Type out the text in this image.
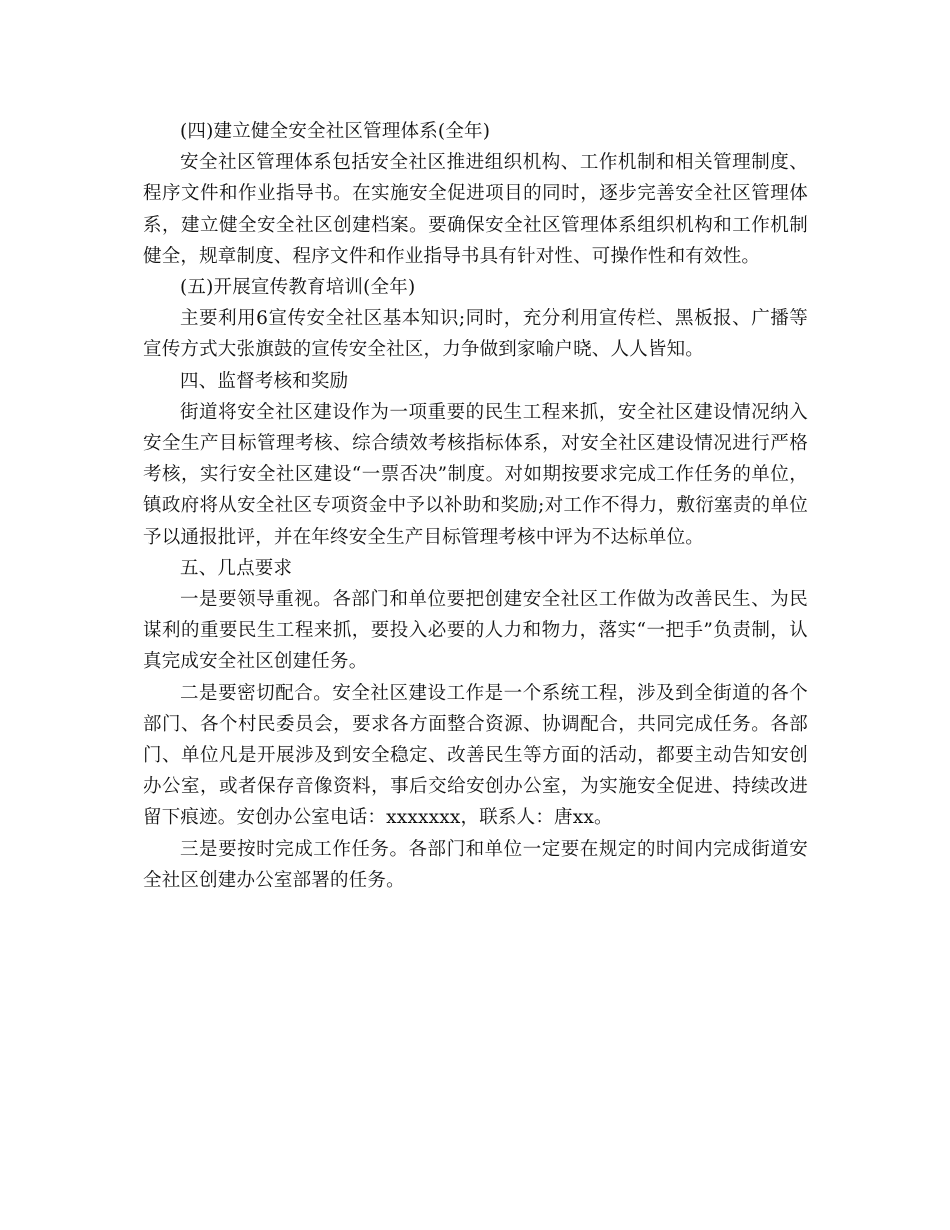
(四)建立健全安全社区管理体系(全年)

安全社区管理体系包括安全社区推进组织机构、工作机制和相关管理制度、程序文件和作业指导书。在实施安全促进项目的同时，逐步完善安全社区管理体系，建立健全安全社区创建档案。要确保安全社区管理体系组织机构和工作机制健全，规章制度、程序文件和作业指导书具有针对性、可操作性和有效性。

(五)开展宣传教育培训(全年)

主要利用6宣传安全社区基本知识;同时，充分利用宣传栏、黑板报、广播等宣传方式大张旗鼓的宣传安全社区，力争做到家喻户晓、人人皆知。

四、监督考核和奖励

街道将安全社区建设作为一项重要的民生工程来抓，安全社区建设情况纳入安全生产目标管理考核、综合绩效考核指标体系，对安全社区建设情况进行严格考核，实行安全社区建设“一票否决”制度。对如期按要求完成工作任务的单位，镇政府将从安全社区专项资金中予以补助和奖励;对工作不得力，敷衍塞责的单位予以通报批评，并在年终安全生产目标管理考核中评为不达标单位。

五、几点要求

一是要领导重视。各部门和单位要把创建安全社区工作做为改善民生、为民谋利的重要民生工程来抓，要投入必要的人力和物力，落实“一把手”负责制，认真完成安全社区创建任务。

二是要密切配合。安全社区建设工作是一个系统工程，涉及到全街道的各个部门、各个村民委员会，要求各方面整合资源、协调配合，共同完成任务。各部门、单位凡是开展涉及到安全稳定、改善民生等方面的活动，都要主动告知安创办公室，或者保存音像资料，事后交给安创办公室，为实施安全促进、持续改进留下痕迹。安创办公室电话：xxxxxxx，联系人：唐xx。

三是要按时完成工作任务。各部门和单位一定要在规定的时间内完成街道安全社区创建办公室部署的任务。
